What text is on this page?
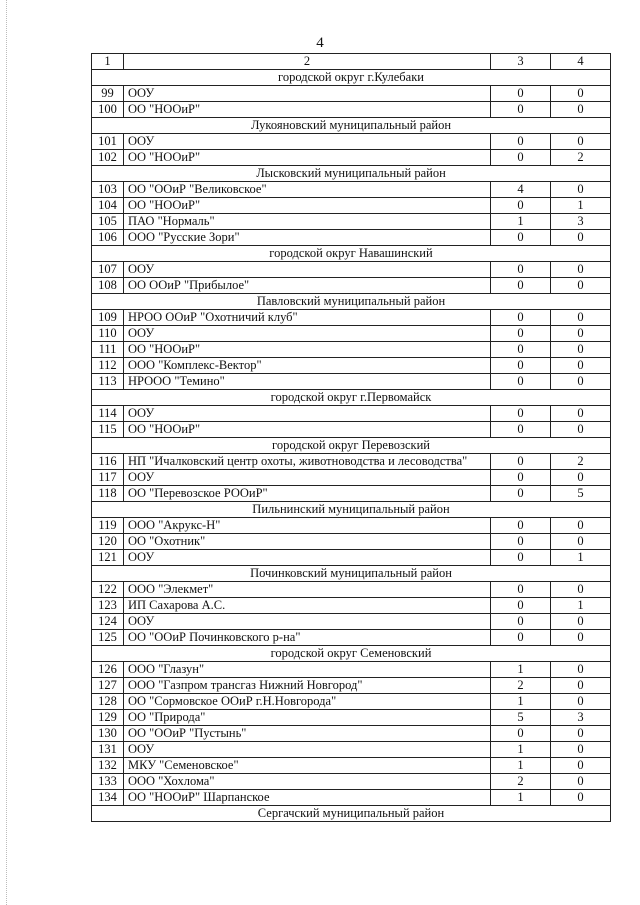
4
1	2	3	4
городской округ г.Кулебаки			
99	ООУ	0	0
100	ОО "НООиР"	0	0
Лукояновский муниципальный район			
101	ООУ	0	0
102	ОО "НООиР"	0	2
Лысковский муниципальный район			
103	ОО "ООиР "Великовское"	4	0
104	ОО "НООиР"	0	1
105	ПАО "Нормаль"	1	3
106	ООО "Русские Зори"	0	0
городской округ Навашинский			
107	ООУ	0	0
108	ОО ООиР "Прибылое"	0	0
Павловский муниципальный район			
109	НРОО ООиР "Охотничий клуб"	0	0
110	ООУ	0	0
111	ОО "НООиР"	0	0
112	ООО "Комплекс-Вектор"	0	0
113	НРООО "Темино"	0	0
городской округ г.Первомайск			
114	ООУ	0	0
115	ОО "НООиР"	0	0
городской округ Перевозский			
116	НП "Ичалковский центр охоты, животноводства и лесоводства"	0	2
117	ООУ	0	0
118	ОО "Перевозское РООиР"	0	5
Пильнинский муниципальный район			
119	ООО "Акрукс-Н"	0	0
120	ОО "Охотник"	0	0
121	ООУ	0	1
Починковский муниципальный район			
122	ООО "Элекмет"	0	0
123	ИП Сахарова А.С.	0	1
124	ООУ	0	0
125	ОО "ООиР Починковского р-на"	0	0
городской округ Семеновский			
126	ООО "Глазун"	1	0
127	ООО "Газпром трансгаз Нижний Новгород"	2	0
128	ОО "Сормовское ООиР г.Н.Новгорода"	1	0
129	ОО "Природа"	5	3
130	ОО "ООиР "Пустынь"	0	0
131	ООУ	1	0
132	МКУ "Семеновское"	1	0
133	ООО "Хохлома"	2	0
134	ОО "НООиР" Шарпанское	1	0
Сергачский муниципальный район			
